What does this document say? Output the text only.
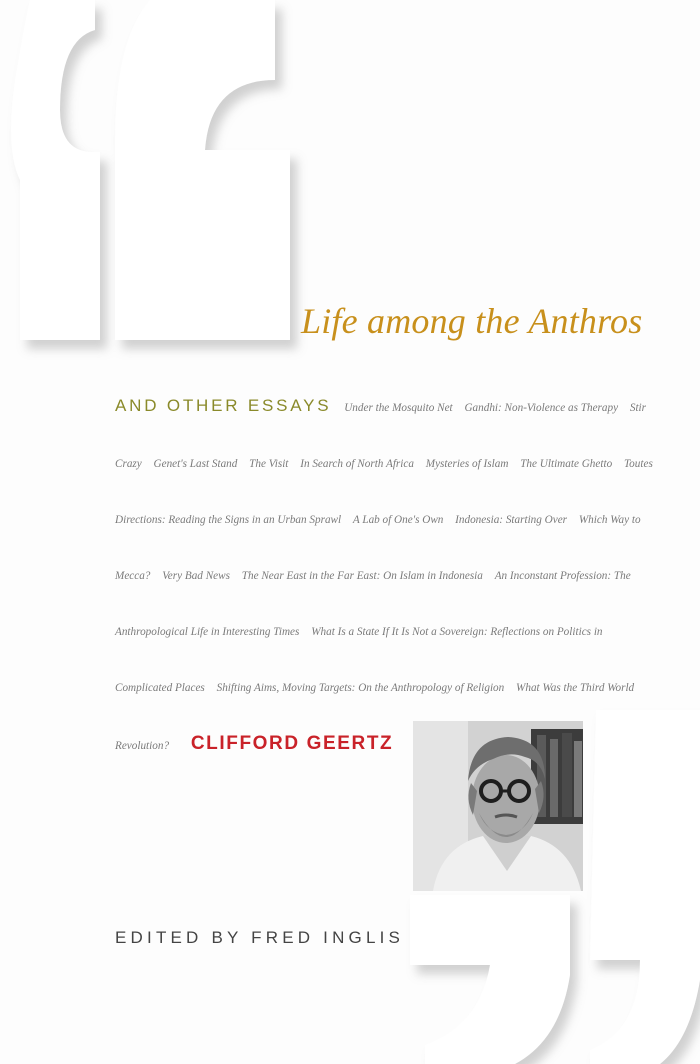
Life among the Anthros
AND OTHER ESSAYS Under the Mosquito Net Gandhi: Non-Violence as Therapy Stir Crazy Genet's Last Stand The Visit In Search of North Africa Mysteries of Islam The Ultimate Ghetto Toutes Directions: Reading the Signs in an Urban Sprawl A Lab of One's Own Indonesia: Starting Over Which Way to Mecca? Very Bad News The Near East in the Far East: On Islam in Indonesia An Inconstant Profession: The Anthropological Life in Interesting Times What Is a State If It Is Not a Sovereign: Reflections on Politics in Complicated Places Shifting Aims, Moving Targets: On the Anthropology of Religion What Was the Third World Revolution? CLIFFORD GEERTZ
EDITED BY FRED INGLIS
